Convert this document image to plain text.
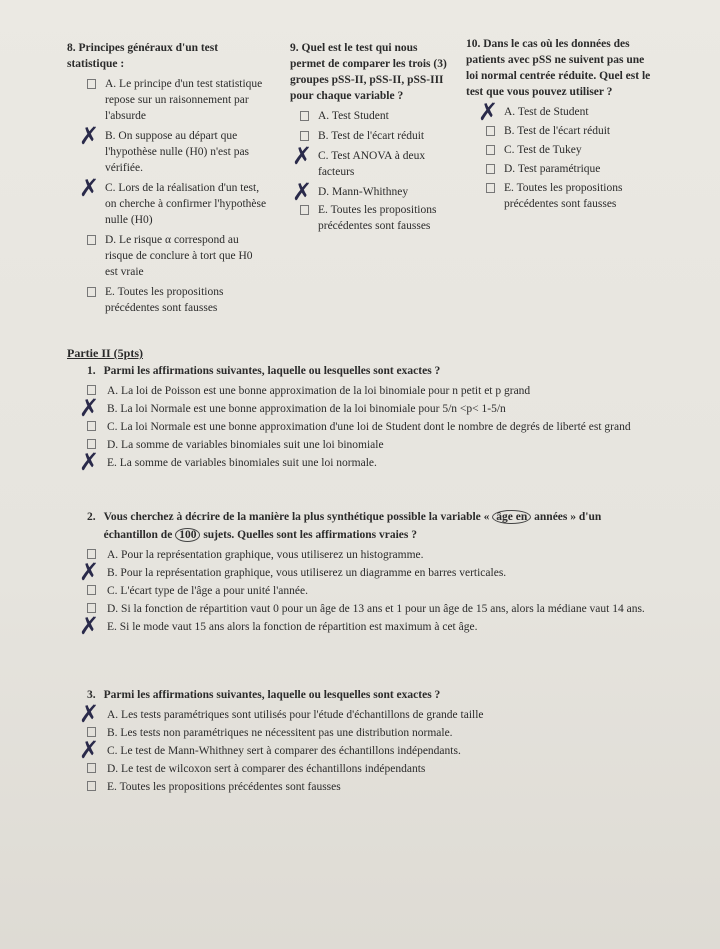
8. Principes généraux d'un test statistique :
A. Le principe d'un test statistique repose sur un raisonnement par l'absurde
✗ B. On suppose au départ que l'hypothèse nulle (H0) n'est pas vérifiée.
✗ C. Lors de la réalisation d'un test, on cherche à confirmer l'hypothèse nulle (H0)
D. Le risque α correspond au risque de conclure à tort que H0 est vraie
E. Toutes les propositions précédentes sont fausses
9. Quel est le test qui nous permet de comparer les trois (3) groupes pSS-II, pSS-II, pSS-III pour chaque variable ?
A. Test Student
B. Test de l'écart réduit
✗ C. Test ANOVA à deux facteurs
✗ D. Mann-Whithney
E. Toutes les propositions précédentes sont fausses
10. Dans le cas où les données des patients avec pSS ne suivent pas une loi normal centrée réduite. Quel est le test que vous pouvez utiliser ?
✗ A. Test de Student
B. Test de l'écart réduit
C. Test de Tukey
D. Test paramétrique
E. Toutes les propositions précédentes sont fausses
Partie II (5pts)
1. Parmi les affirmations suivantes, laquelle ou lesquelles sont exactes ?
A. La loi de Poisson est une bonne approximation de la loi binomiale pour n petit et p grand
✗ B. La loi Normale est une bonne approximation de la loi binomiale pour 5/n <p< 1-5/n
C. La loi Normale est une bonne approximation d'une loi de Student dont le nombre de degrés de liberté est grand
D. La somme de variables binomiales suit une loi binomiale
✗ E. La somme de variables binomiales suit une loi normale.
2. Vous cherchez à décrire de la manière la plus synthétique possible la variable « âge en années » d'un échantillon de 100 sujets. Quelles sont les affirmations vraies ?
A. Pour la représentation graphique, vous utiliserez un histogramme.
✗ B. Pour la représentation graphique, vous utiliserez un diagramme en barres verticales.
C. L'écart type de l'âge a pour unité l'année.
D. Si la fonction de répartition vaut 0 pour un âge de 13 ans et 1 pour un âge de 15 ans, alors la médiane vaut 14 ans.
✗ E. Si le mode vaut 15 ans alors la fonction de répartition est maximum à cet âge.
3. Parmi les affirmations suivantes, laquelle ou lesquelles sont exactes ?
✗ A. Les tests paramétriques sont utilisés pour l'étude d'échantillons de grande taille
B. Les tests non paramétriques ne nécessitent pas une distribution normale.
✗ C. Le test de Mann-Whithney sert à comparer des échantillons indépendants.
D. Le test de wilcoxon sert à comparer des échantillons indépendants
E. Toutes les propositions précédentes sont fausses
